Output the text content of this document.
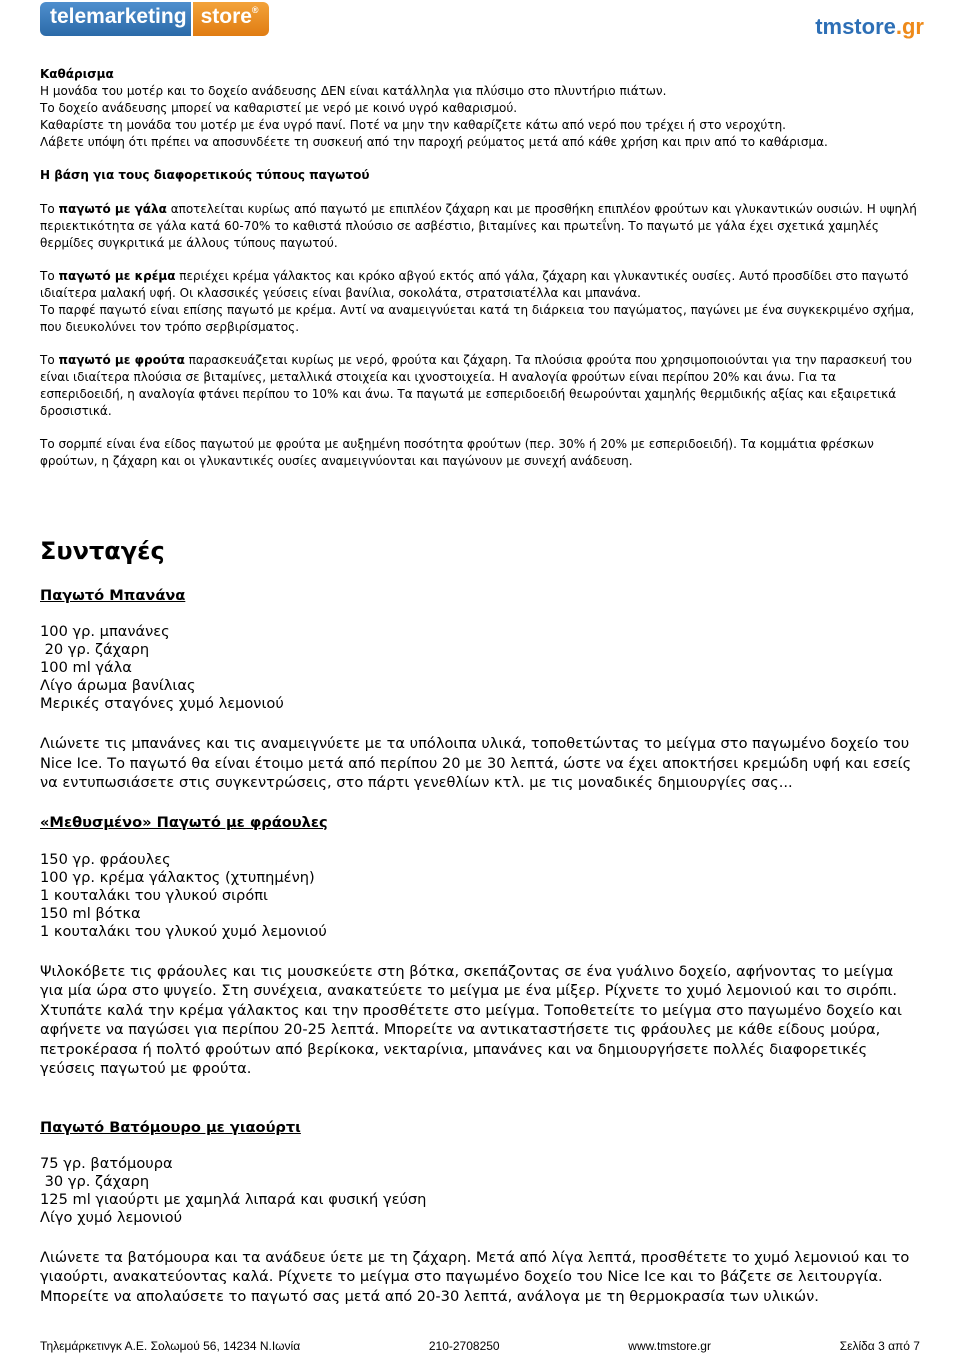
telemarketing store®
tmstore.gr

Καθάρισμα

Η μονάδα του μοτέρ και το δοχείο ανάδευσης ΔΕΝ είναι κατάλληλα για πλύσιμο στο πλυντήριο πιάτων.

Το δοχείο ανάδευσης μπορεί να καθαριστεί με νερό με κοινό υγρό καθαρισμού.

Καθαρίστε τη μονάδα του μοτέρ με ένα υγρό πανί. Ποτέ να μην την καθαρίζετε κάτω από νερό που τρέχει ή στο νεροχύτη.

Λάβετε υπόψη ότι πρέπει να αποσυνδέετε τη συσκευή από την παροχή ρεύματος μετά από κάθε χρήση και πριν από το καθάρισμα.

Η βάση για τους διαφορετικούς τύπους παγωτού

Το παγωτό με γάλα αποτελείται κυρίως από παγωτό με επιπλέον ζάχαρη και με προσθήκη επιπλέον φρούτων και γλυκαντικών ουσιών. Η υψηλή περιεκτικότητα σε γάλα κατά 60-70% το καθιστά πλούσιο σε ασβέστιο, βιταμίνες και πρωτεΐνη. Το παγωτό με γάλα έχει σχετικά χαμηλές θερμίδες συγκριτικά με άλλους τύπους παγωτού.

Το παγωτό με κρέμα περιέχει κρέμα γάλακτος και κρόκο αβγού εκτός από γάλα, ζάχαρη και γλυκαντικές ουσίες. Αυτό προσδίδει στο παγωτό ιδιαίτερα μαλακή υφή. Οι κλασσικές γεύσεις είναι βανίλια, σοκολάτα, στρατσιατέλλα και μπανάνα.

Το παρφέ παγωτό είναι επίσης παγωτό με κρέμα. Αντί να αναμειγνύεται κατά τη διάρκεια του παγώματος, παγώνει με ένα συγκεκριμένο σχήμα, που διευκολύνει τον τρόπο σερβιρίσματος.

Το παγωτό με φρούτα παρασκευάζεται κυρίως με νερό, φρούτα και ζάχαρη. Τα πλούσια φρούτα που χρησιμοποιούνται για την παρασκευή του είναι ιδιαίτερα πλούσια σε βιταμίνες, μεταλλικά στοιχεία και ιχνοστοιχεία. Η αναλογία φρούτων είναι περίπου 20% και άνω. Για τα εσπεριδοειδή, η αναλογία φτάνει περίπου το 10% και άνω. Τα παγωτά με εσπεριδοειδή θεωρούνται χαμηλής θερμιδικής αξίας και εξαιρετικά δροσιστικά.

Το σορμπέ είναι ένα είδος παγωτού με φρούτα με αυξημένη ποσότητα φρούτων (περ. 30% ή 20% με εσπεριδοειδή). Τα κομμάτια φρέσκων φρούτων, η ζάχαρη και οι γλυκαντικές ουσίες αναμειγνύονται και παγώνουν με συνεχή ανάδευση.

Συνταγές

Παγωτό Μπανάνα

100 γρ. μπανάνες
20 γρ. ζάχαρη
100 ml γάλα
Λίγο άρωμα βανίλιας
Μερικές σταγόνες χυμό λεμονιού

Λιώνετε τις μπανάνες και τις αναμειγνύετε με τα υπόλοιπα υλικά, τοποθετώντας το μείγμα στο παγωμένο δοχείο του Nice Ice. Το παγωτό θα είναι έτοιμο μετά από περίπου 20 με 30 λεπτά, ώστε να έχει αποκτήσει κρεμώδη υφή και εσείς να εντυπωσιάσετε στις συγκεντρώσεις, στο πάρτι γενεθλίων κτλ. με τις μοναδικές δημιουργίες σας...

«Μεθυσμένο» Παγωτό με φράουλες

150 γρ. φράουλες
100 γρ. κρέμα γάλακτος (χτυπημένη)
1 κουταλάκι του γλυκού σιρόπι
150 ml βότκα
1 κουταλάκι του γλυκού χυμό λεμονιού

Ψιλοκόβετε τις φράουλες και τις μουσκεύετε στη βότκα, σκεπάζοντας σε ένα γυάλινο δοχείο, αφήνοντας το μείγμα για μία ώρα στο ψυγείο. Στη συνέχεια, ανακατεύετε το μείγμα με ένα μίξερ. Ρίχνετε το χυμό λεμονιού και το σιρόπι. Χτυπάτε καλά την κρέμα γάλακτος και την προσθέτετε στο μείγμα. Τοποθετείτε το μείγμα στο παγωμένο δοχείο και αφήνετε να παγώσει για περίπου 20-25 λεπτά. Μπορείτε να αντικαταστήσετε τις φράουλες με κάθε είδους μούρα, πετροκέρασα ή πολτό φρούτων από βερίκοκα, νεκταρίνια, μπανάνες και να δημιουργήσετε πολλές διαφορετικές γεύσεις παγωτού με φρούτα.

Παγωτό Βατόμουρο με γιαούρτι

75 γρ. βατόμουρα
30 γρ. ζάχαρη
125 ml γιαούρτι με χαμηλά λιπαρά και φυσική γεύση
Λίγο χυμό λεμονιού

Λιώνετε τα βατόμουρα και τα ανάδευε ύετε με τη ζάχαρη. Μετά από λίγα λεπτά, προσθέτετε το χυμό λεμονιού και το γιαούρτι, ανακατεύοντας καλά. Ρίχνετε το μείγμα στο παγωμένο δοχείο του Nice Ice και το βάζετε σε λειτουργία. Μπορείτε να απολαύσετε το παγωτό σας μετά από 20-30 λεπτά, ανάλογα με τη θερμοκρασία των υλικών.

Τηλεμάρκετινγκ Α.Ε. Σολωμού 56, 14234 Ν.Ιωνία	210-2708250	www.tmstore.gr	Σελίδα 3 από 7
